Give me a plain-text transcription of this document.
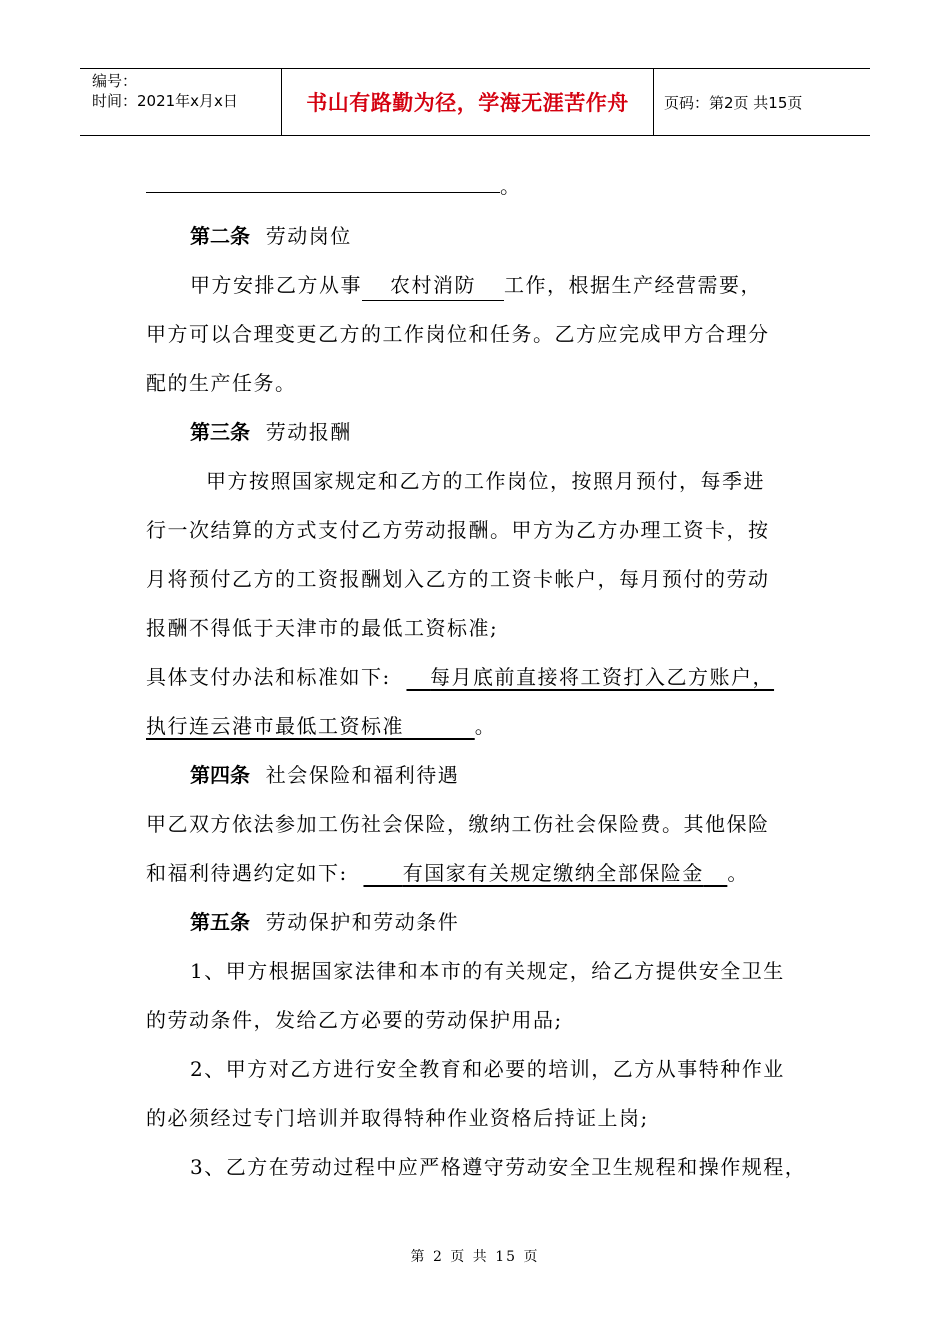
编号：
时间：2021年x月x日	书山有路勤为径，学海无涯苦作舟	页码：第2页 共15页
。
第二条 劳动岗位
甲方安排乙方从事 农村消防 工作，根据生产经营需要，
甲方可以合理变更乙方的工作岗位和任务。乙方应完成甲方合理分
配的生产任务。
第三条 劳动报酬
甲方按照国家规定和乙方的工作岗位，按照月预付，每季进
行一次结算的方式支付乙方劳动报酬。甲方为乙方办理工资卡，按
月将预付乙方的工资报酬划入乙方的工资卡帐户，每月预付的劳动
报酬不得低于天津市的最低工资标准;
具体支付办法和标准如下: 每月底前直接将工资打入乙方账户，
执行连云港市最低工资标准	。
第四条 社会保险和福利待遇
甲乙双方依法参加工伤社会保险，缴纳工伤社会保险费。其他保险
和福利待遇约定如下:	有国家有关规定缴纳全部保险金 。
第五条 劳动保护和劳动条件
1、甲方根据国家法律和本市的有关规定，给乙方提供安全卫生
的劳动条件，发给乙方必要的劳动保护用品;
2、甲方对乙方进行安全教育和必要的培训，乙方从事特种作业
的必须经过专门培训并取得特种作业资格后持证上岗;
3、乙方在劳动过程中应严格遵守劳动安全卫生规程和操作规程，
第 2 页 共 15 页
